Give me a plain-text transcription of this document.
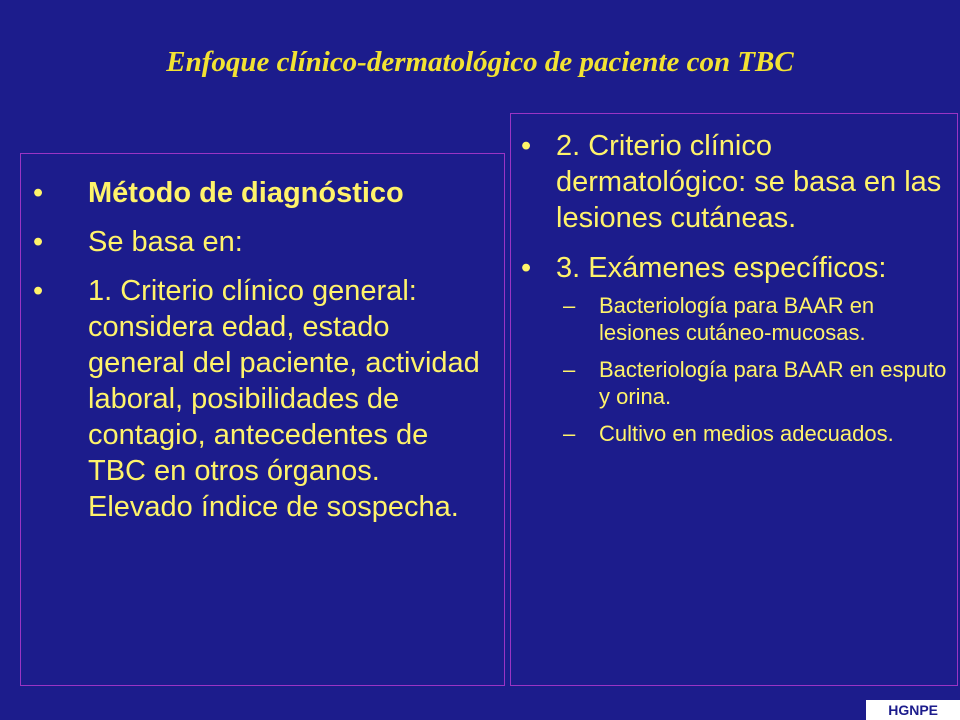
Enfoque clínico-dermatológico de paciente con TBC
• Método de diagnóstico
• Se basa en:
• 1. Criterio clínico general: considera edad, estado general del paciente, actividad laboral, posibilidades de contagio, antecedentes de TBC en otros órganos. Elevado índice de sospecha.
• 2. Criterio clínico dermatológico: se basa en las lesiones cutáneas.
• 3. Exámenes específicos:
– Bacteriología para BAAR en lesiones cutáneo-mucosas.
– Bacteriología para BAAR en esputo y orina.
– Cultivo en medios adecuados.
HGNPE
